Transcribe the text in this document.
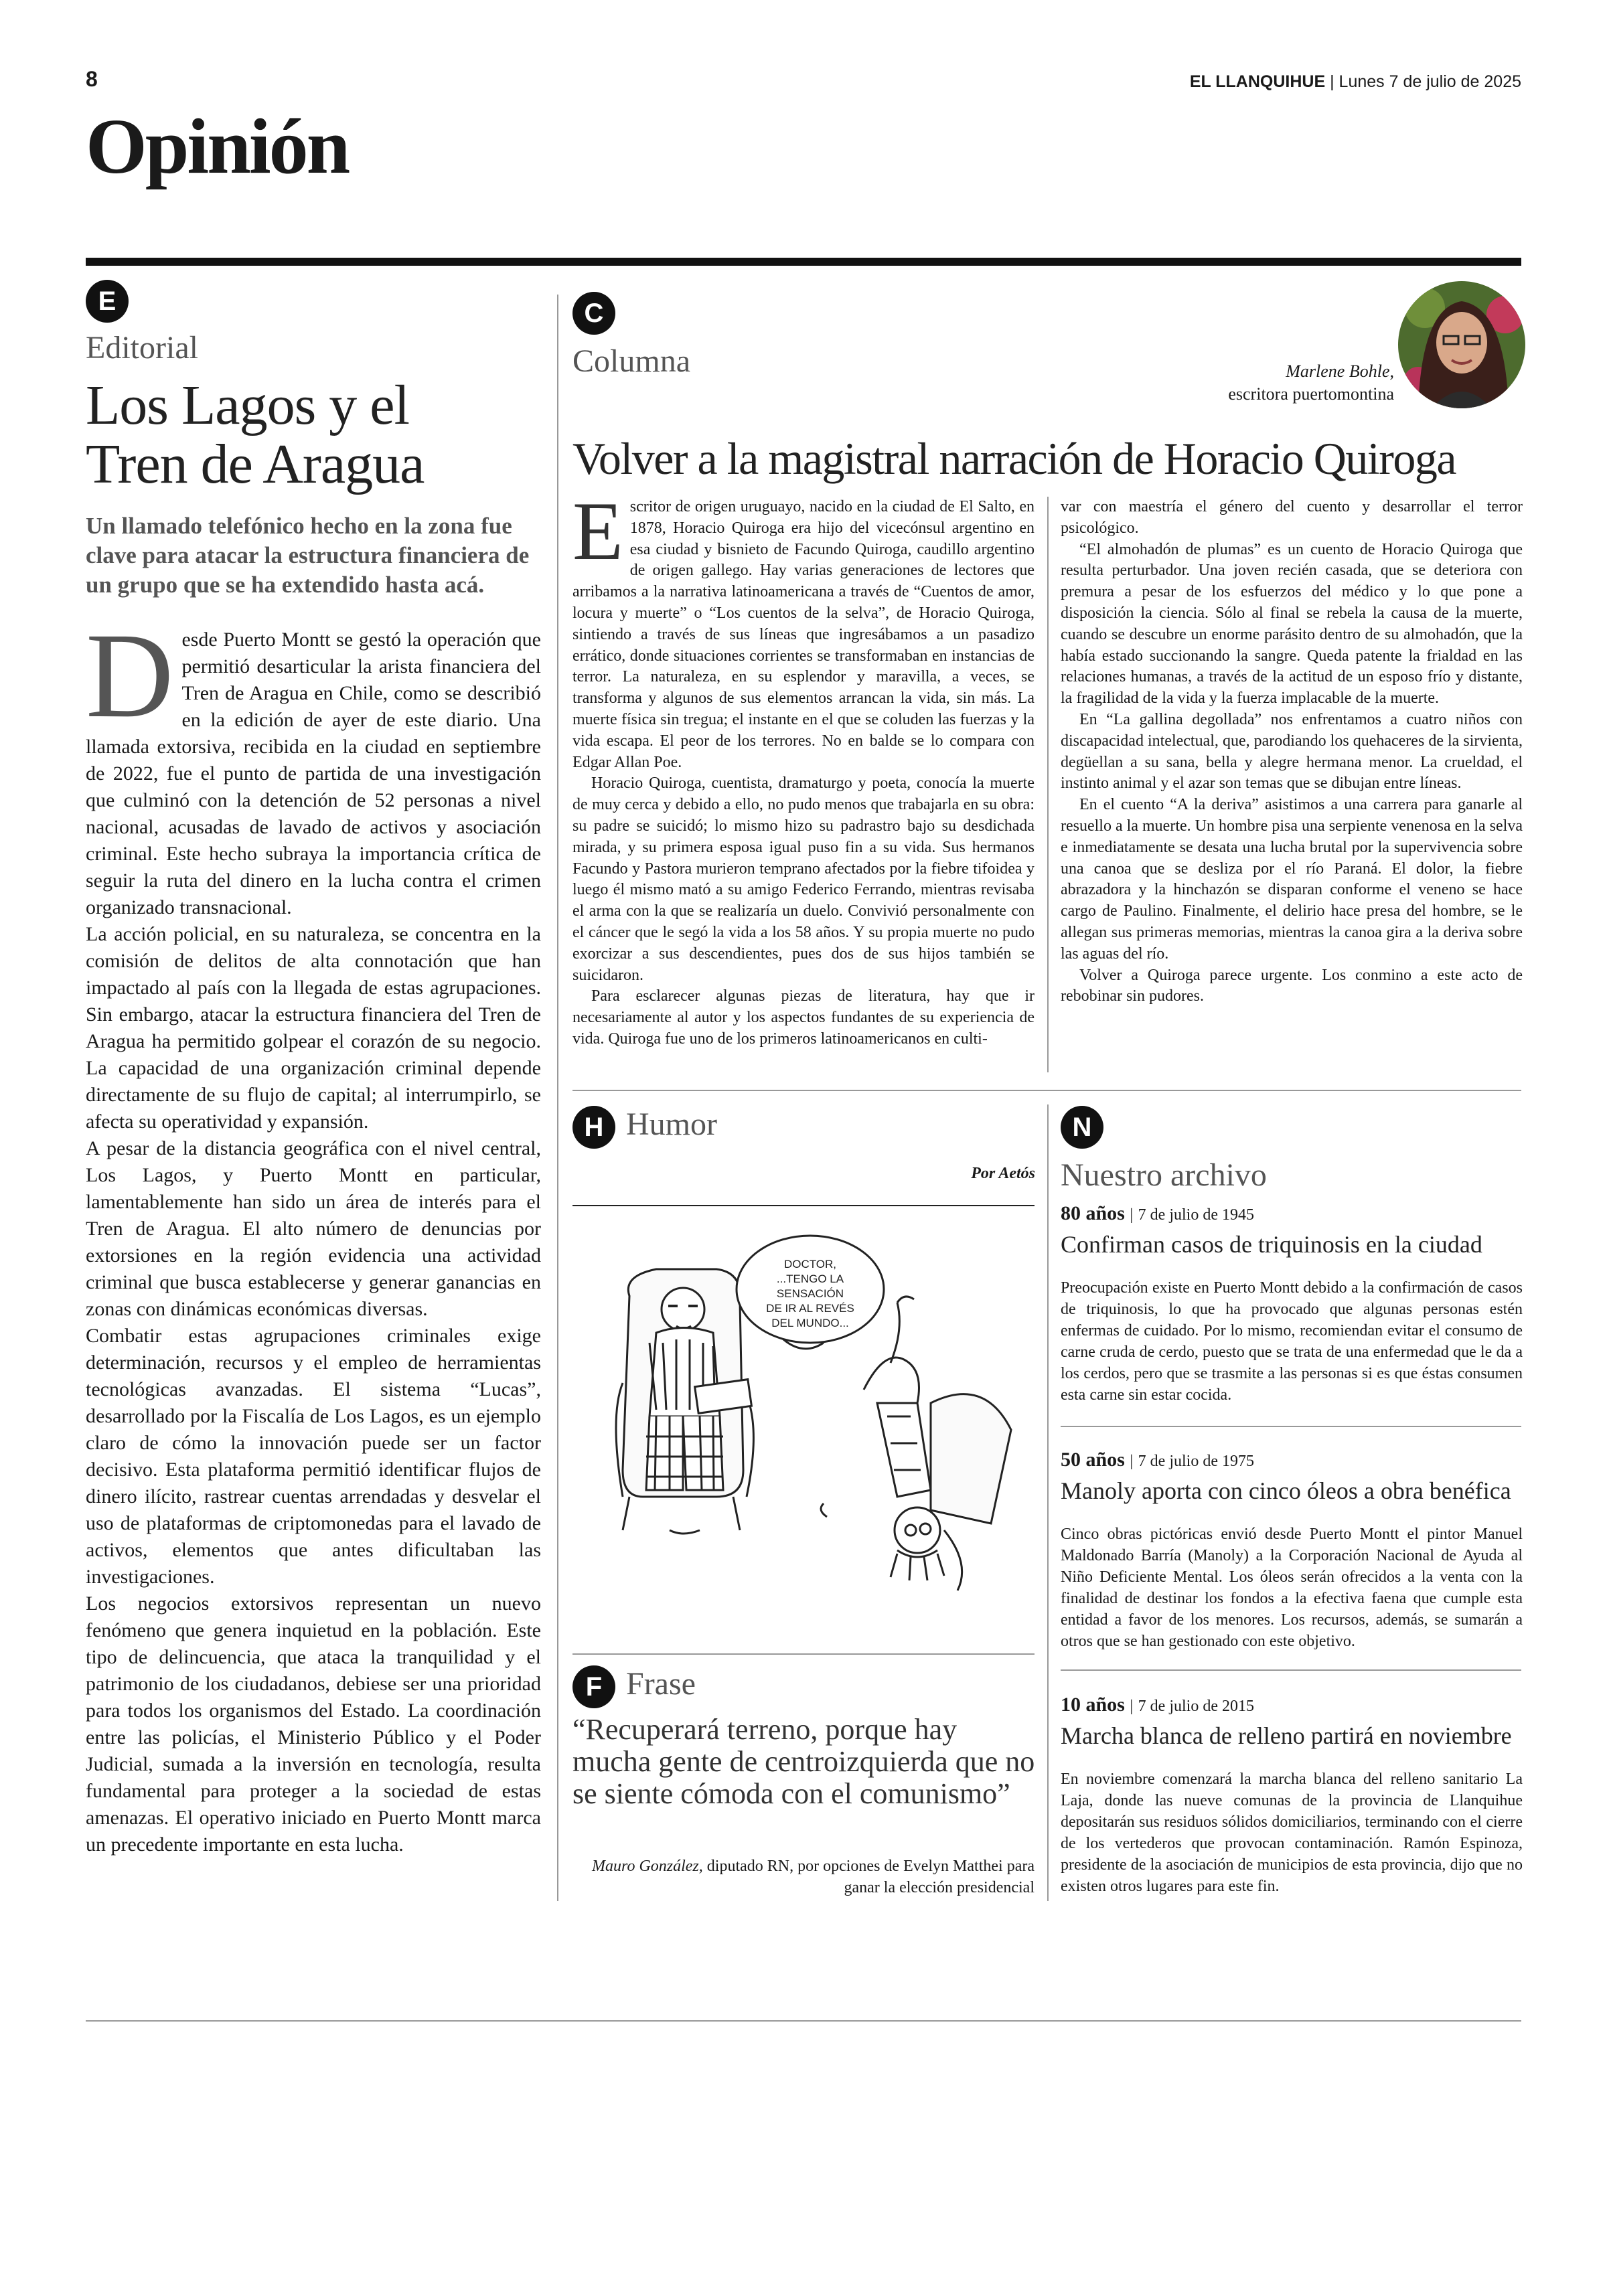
8	EL LLANQUIHUE | Lunes 7 de julio de 2025
Opinión
E
Editorial
Los Lagos y el Tren de Aragua
Un llamado telefónico hecho en la zona fue clave para atacar la estructura financiera de un grupo que se ha extendido hasta acá.

Desde Puerto Montt se gestó la operación que permitió desarticular la arista financiera del Tren de Aragua en Chile, como se describió en la edición de ayer de este diario. Una llamada extorsiva, recibida en la ciudad en septiembre de 2022, fue el punto de partida de una investigación que culminó con la detención de 52 personas a nivel nacional, acusadas de lavado de activos y asociación criminal. Este hecho subraya la importancia crítica de seguir la ruta del dinero en la lucha contra el crimen organizado transnacional.

La acción policial, en su naturaleza, se concentra en la comisión de delitos de alta connotación que han impactado al país con la llegada de estas agrupaciones. Sin embargo, atacar la estructura financiera del Tren de Aragua ha permitido golpear el corazón de su negocio. La capacidad de una organización criminal depende directamente de su flujo de capital; al interrumpirlo, se afecta su operatividad y expansión.

A pesar de la distancia geográfica con el nivel central, Los Lagos, y Puerto Montt en particular, lamentablemente han sido un área de interés para el Tren de Aragua. El alto número de denuncias por extorsiones en la región evidencia una actividad criminal que busca establecerse y generar ganancias en zonas con dinámicas económicas diversas.

Combatir estas agrupaciones criminales exige determinación, recursos y el empleo de herramientas tecnológicas avanzadas. El sistema “Lucas”, desarrollado por la Fiscalía de Los Lagos, es un ejemplo claro de cómo la innovación puede ser un factor decisivo. Esta plataforma permitió identificar flujos de dinero ilícito, rastrear cuentas arrendadas y desvelar el uso de plataformas de criptomonedas para el lavado de activos, elementos que antes dificultaban las investigaciones.

Los negocios extorsivos representan un nuevo fenómeno que genera inquietud en la población. Este tipo de delincuencia, que ataca la tranquilidad y el patrimonio de los ciudadanos, debiese ser una prioridad para todos los organismos del Estado. La coordinación entre las policías, el Ministerio Público y el Poder Judicial, sumada a la inversión en tecnología, resulta fundamental para proteger a la sociedad de estas amenazas. El operativo iniciado en Puerto Montt marca un precedente importante en esta lucha.

C
Columna	Marlene Bohle,
escritora puertomontina
Volver a la magistral narración de Horacio Quiroga

Escritor de origen uruguayo, nacido en la ciudad de El Salto, en 1878, Horacio Quiroga era hijo del vicecónsul argentino en esa ciudad y bisnieto de Facundo Quiroga, caudillo argentino de origen gallego. Hay varias generaciones de lectores que arribamos a la narrativa latinoamericana a través de “Cuentos de amor, locura y muerte” o “Los cuentos de la selva”, de Horacio Quiroga, sintiendo a través de sus líneas que ingresábamos a un pasadizo errático, donde situaciones corrientes se transformaban en instancias de terror. La naturaleza, en su esplendor y maravilla, a veces, se transforma y algunos de sus elementos arrancan la vida, sin más. La muerte física sin tregua; el instante en el que se coluden las fuerzas y la vida escapa. El peor de los terrores. No en balde se lo compara con Edgar Allan Poe.

Horacio Quiroga, cuentista, dramaturgo y poeta, conocía la muerte de muy cerca y debido a ello, no pudo menos que trabajarla en su obra: su padre se suicidó; lo mismo hizo su padrastro bajo su desdichada mirada, y su primera esposa igual puso fin a su vida. Sus hermanos Facundo y Pastora murieron temprano afectados por la fiebre tifoidea y luego él mismo mató a su amigo Federico Ferrando, mientras revisaba el arma con la que se realizaría un duelo. Convivió personalmente con el cáncer que le segó la vida a los 58 años. Y su propia muerte no pudo exorcizar a sus descendientes, pues dos de sus hijos también se suicidaron.

Para esclarecer algunas piezas de literatura, hay que ir necesariamente al autor y los aspectos fundantes de su experiencia de vida. Quiroga fue uno de los primeros latinoamericanos en culti-

var con maestría el género del cuento y desarrollar el terror psicológico.

“El almohadón de plumas” es un cuento de Horacio Quiroga que resulta perturbador. Una joven recién casada, que se deteriora con premura a pesar de los esfuerzos del médico y lo que pone a disposición la ciencia. Sólo al final se rebela la causa de la muerte, cuando se descubre un enorme parásito dentro de su almohadón, que la había estado succionando la sangre. Queda patente la frialdad en las relaciones humanas, a través de la actitud de un esposo frío y distante, la fragilidad de la vida y la fuerza implacable de la muerte.

En “La gallina degollada” nos enfrentamos a cuatro niños con discapacidad intelectual, que, parodiando los quehaceres de la sirvienta, degüellan a su sana, bella y alegre hermana menor. La crueldad, el instinto animal y el azar son temas que se dibujan entre líneas.

En el cuento “A la deriva” asistimos a una carrera para ganarle al resuello a la muerte. Un hombre pisa una serpiente venenosa en la selva e inmediatamente se desata una lucha brutal por la supervivencia sobre una canoa que se desliza por el río Paraná. El dolor, la fiebre abrazadora y la hinchazón se disparan conforme el veneno se hace cargo de Paulino. Finalmente, el delirio hace presa del hombre, se le allegan sus primeras memorias, mientras la canoa gira a la deriva sobre las aguas del río.

Volver a Quiroga parece urgente. Los conmino a este acto de rebobinar sin pudores.

H Humor
Por Aetós
DOCTOR,
...TENGO LA
SENSACIÓN
DE IR AL REVÉS
DEL MUNDO...
F Frase
“Recuperará terreno, porque hay mucha gente de centroizquierda que no se siente cómoda con el comunismo”
Mauro González, diputado RN, por opciones de Evelyn Matthei para ganar la elección presidencial
N
Nuestro archivo
80 años | 7 de julio de 1945
Confirman casos de triquinosis en la ciudad
Preocupación existe en Puerto Montt debido a la confirmación de casos de triquinosis, lo que ha provocado que algunas personas estén enfermas de cuidado. Por lo mismo, recomiendan evitar el consumo de carne cruda de cerdo, puesto que se trata de una enfermedad que le da a los cerdos, pero que se trasmite a las personas si es que éstas consumen esta carne sin estar cocida.
50 años | 7 de julio de 1975
Manoly aporta con cinco óleos a obra benéfica
Cinco obras pictóricas envió desde Puerto Montt el pintor Manuel Maldonado Barría (Manoly) a la Corporación Nacional de Ayuda al Niño Deficiente Mental. Los óleos serán ofrecidos a la venta con la finalidad de destinar los fondos a la efectiva faena que cumple esta entidad a favor de los menores. Los recursos, además, se sumarán a otros que se han gestionado con este objetivo.
10 años | 7 de julio de 2015
Marcha blanca de relleno partirá en noviembre
En noviembre comenzará la marcha blanca del relleno sanitario La Laja, donde las nueve comunas de la provincia de Llanquihue depositarán sus residuos sólidos domiciliarios, terminando con el cierre de los vertederos que provocan contaminación. Ramón Espinoza, presidente de la asociación de municipios de esta provincia, dijo que no existen otros lugares para este fin.
